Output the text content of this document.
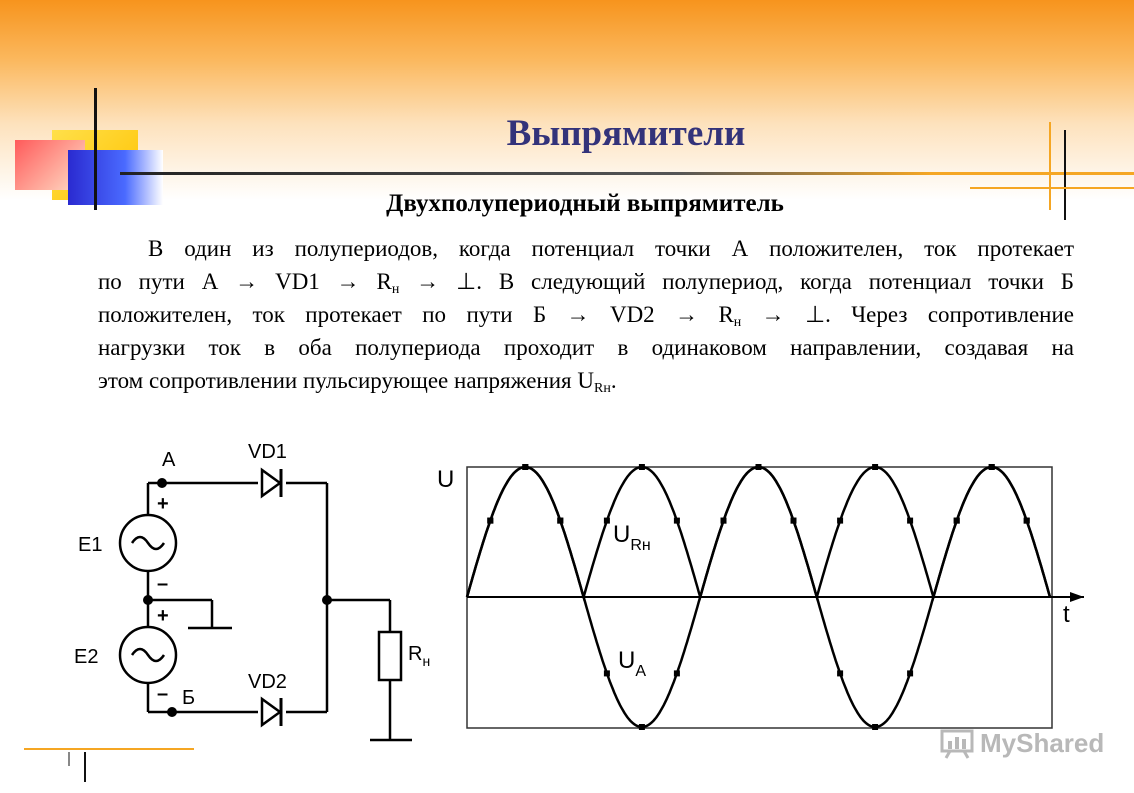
Выпрямители
Двухполупериодный выпрямитель
В один из полупериодов, когда потенциал точки А положителен, ток протекает
по пути $А \to VD1 \to R_н$ → ⊥. В следующий полупериод, когда потенциал точки Б
положителен, ток протекает по пути $Б \to VD2 \to R_н$ → ⊥. Через сопротивление
нагрузки ток в оба полупериода проходит в одинаковом направлении, создавая на
этом сопротивлении пульсирующее напряжения $U_{Rн}$.
А
Б
VD1
VD2
E1
E2
+
–
+
–
$R_н$
U
t
$U_{Rн}$
$U_A$
MyShared
